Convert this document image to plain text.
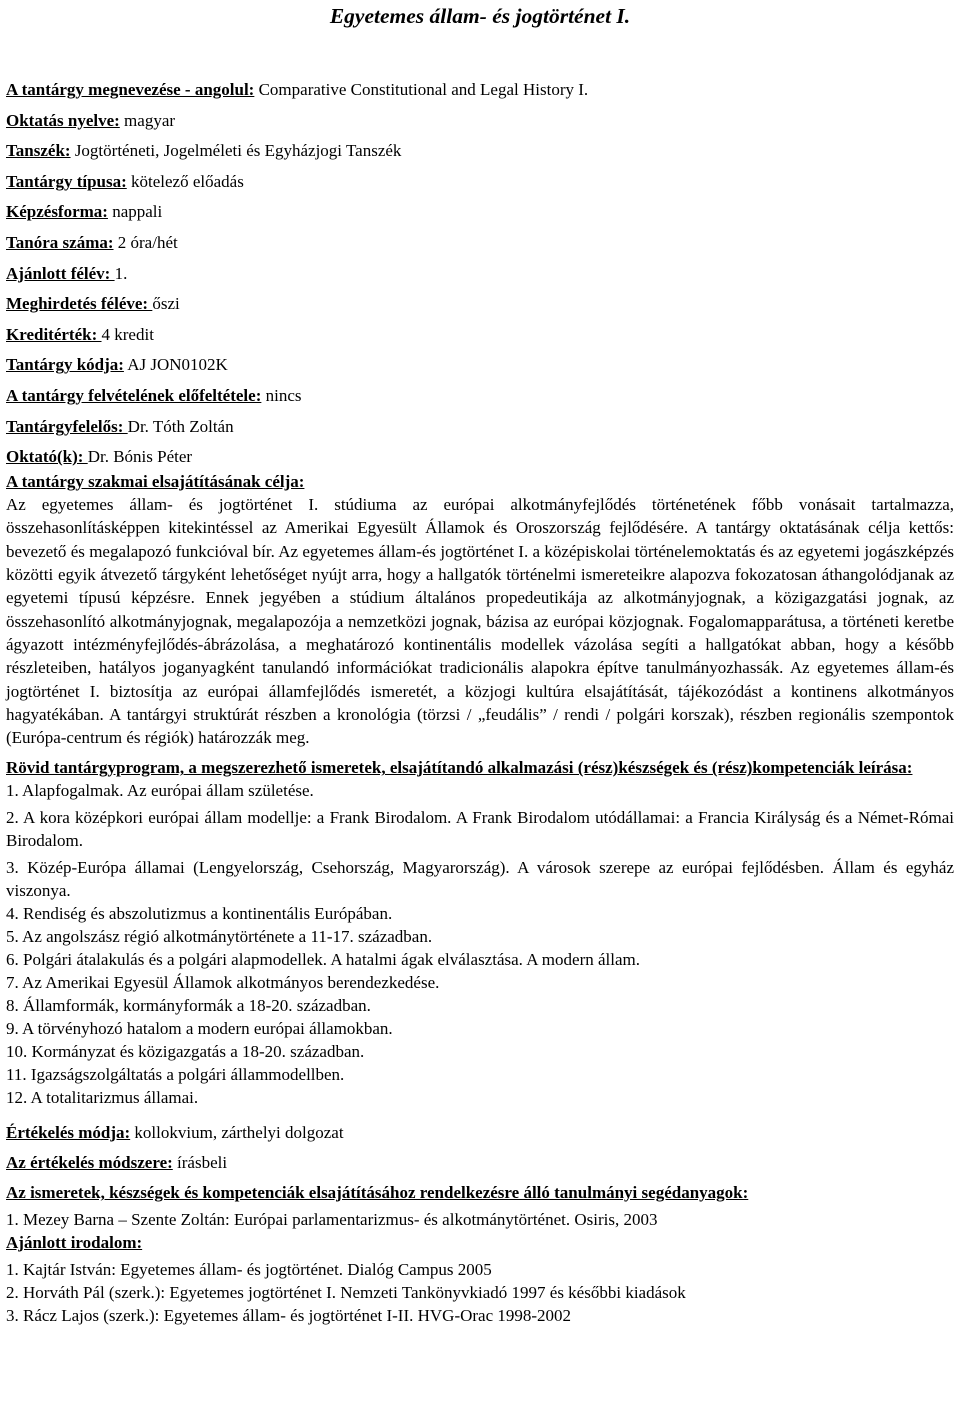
Egyetemes állam- és jogtörténet I.
A tantárgy megnevezése - angolul: Comparative Constitutional and Legal History I.
Oktatás nyelve: magyar
Tanszék: Jogtörténeti, Jogelméleti és Egyházjogi Tanszék
Tantárgy típusa: kötelező előadás
Képzésforma: nappali
Tanóra száma: 2 óra/hét
Ajánlott félév: 1.
Meghirdetés féléve: őszi
Kreditérték: 4 kredit
Tantárgy kódja: AJ JON0102K
A tantárgy felvételének előfeltétele: nincs
Tantárgyfelelős: Dr. Tóth Zoltán
Oktató(k): Dr. Bónis Péter

A tantárgy szakmai elsajátításának célja:

Az egyetemes állam- és jogtörténet I. stúdiuma az európai alkotmányfejlődés történetének főbb vonásait tartalmazza, összehasonlításképpen kitekintéssel az Amerikai Egyesült Államok és Oroszország fejlődésére. A tantárgy oktatásának célja kettős: bevezető és megalapozó funkcióval bír. Az egyetemes állam-és jogtörténet I. a középiskolai történelemoktatás és az egyetemi jogászképzés közötti egyik átvezető tárgyként lehetőséget nyújt arra, hogy a hallgatók történelmi ismereteikre alapozva fokozatosan áthangolódjanak az egyetemi típusú képzésre. Ennek jegyében a stúdium általános propedeutikája az alkotmányjognak, a közigazgatási jognak, az összehasonlító alkotmányjognak, megalapozója a nemzetközi jognak, bázisa az európai közjognak. Fogalomapparátusa, a történeti keretbe ágyazott intézményfejlődés-ábrázolása, a meghatározó kontinentális modellek vázolása segíti a hallgatókat abban, hogy a később részleteiben, hatályos joganyagként tanulandó információkat tradicionális alapokra építve tanulmányozhassák. Az egyetemes állam-és jogtörténet I. biztosítja az európai államfejlődés ismeretét, a közjogi kultúra elsajátítását, tájékozódást a kontinens alkotmányos hagyatékában. A tantárgyi struktúrát részben a kronológia (törzsi / „feudális” / rendi / polgári korszak), részben regionális szempontok (Európa-centrum és régiók) határozzák meg.

Rövid tantárgyprogram, a megszerezhető ismeretek, elsajátítandó alkalmazási (rész)készségek és (rész)kompetenciák leírása:

1. Alapfogalmak. Az európai állam születése.
2. A kora középkori európai állam modellje: a Frank Birodalom. A Frank Birodalom utódállamai: a Francia Királyság és a Német-Római Birodalom.
3. Közép-Európa államai (Lengyelország, Csehország, Magyarország). A városok szerepe az európai fejlődésben. Állam és egyház viszonya.
4. Rendiség és abszolutizmus a kontinentális Európában.
5. Az angolszász régió alkotmánytörténete a 11-17. században.
6. Polgári átalakulás és a polgári alapmodellek. A hatalmi ágak elválasztása. A modern állam.
7. Az Amerikai Egyesül Államok alkotmányos berendezkedése.
8. Államformák, kormányformák a 18-20. században.
9. A törvényhozó hatalom a modern európai államokban.
10. Kormányzat és közigazgatás a 18-20. században.
11. Igazságszolgáltatás a polgári állammodellben.
12. A totalitarizmus államai.
Értékelés módja: kollokvium, zárthelyi dolgozat
Az értékelés módszere: írásbeli

Az ismeretek, készségek és kompetenciák elsajátításához rendelkezésre álló tanulmányi segédanyagok:

1. Mezey Barna – Szente Zoltán: Európai parlamentarizmus- és alkotmánytörténet. Osiris, 2003

Ajánlott irodalom:

1. Kajtár István: Egyetemes állam- és jogtörténet. Dialóg Campus 2005
2. Horváth Pál (szerk.): Egyetemes jogtörténet I. Nemzeti Tankönyvkiadó 1997 és későbbi kiadások
3. Rácz Lajos (szerk.): Egyetemes állam- és jogtörténet I-II. HVG-Orac 1998-2002
